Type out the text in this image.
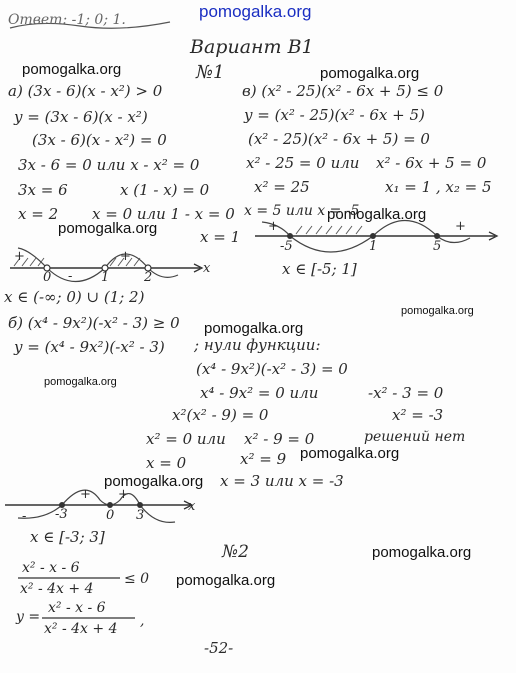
pomogalka.org
pomogalka.org	pomogalka.org
pomogalka.org
pomogalka.org
pomogalka.org
pomogalka.org
pomogalka.org
pomogalka.org
pomogalka.org
pomogalka.org
pomogalka.org
Ответ: -1; 0; 1.
Вариант В1
№1
а) (3x - 6)(x - x²) > 0
y = (3x - 6)(x - x²)
(3x - 6)(x - x²) = 0
3x - 6 = 0 или x - x² = 0
3x = 6	x (1 - x) = 0
x = 2 x = 0 или 1 - x = 0
x = 1
+
-
0
+
1	2
x
x ∈ (-∞; 0) ∪ (1; 2)
б) (x⁴ - 9x²)(-x² - 3) ≥ 0
y = (x⁴ - 9x²)(-x² - 3) ; нули функции:
(x⁴ - 9x²)(-x² - 3) = 0
x⁴ - 9x² = 0 или	-x² - 3 = 0
x²(x² - 9) = 0	x² = -3
x² = 0 или x² - 9 = 0	решений нет
x = 0	x² = 9
x = 3 или x = -3
- -3
+
0
+
3
x
x ∈ [-3; 3]
в) (x² - 25)(x² - 6x + 5) ≤ 0
y = (x² - 25)(x² - 6x + 5)
(x² - 25)(x² - 6x + 5) = 0
x² - 25 = 0 или x² - 6x + 5 = 0
x² = 25	x₁ = 1 , x₂ = 5
x = 5 или x = -5
+
-5	1	5
+
x ∈ [-5; 1]
№2
x² - x - 6
x² - 4x + 4
≤ 0
y =
x² - x - 6
x² - 4x + 4 ,
-52-
